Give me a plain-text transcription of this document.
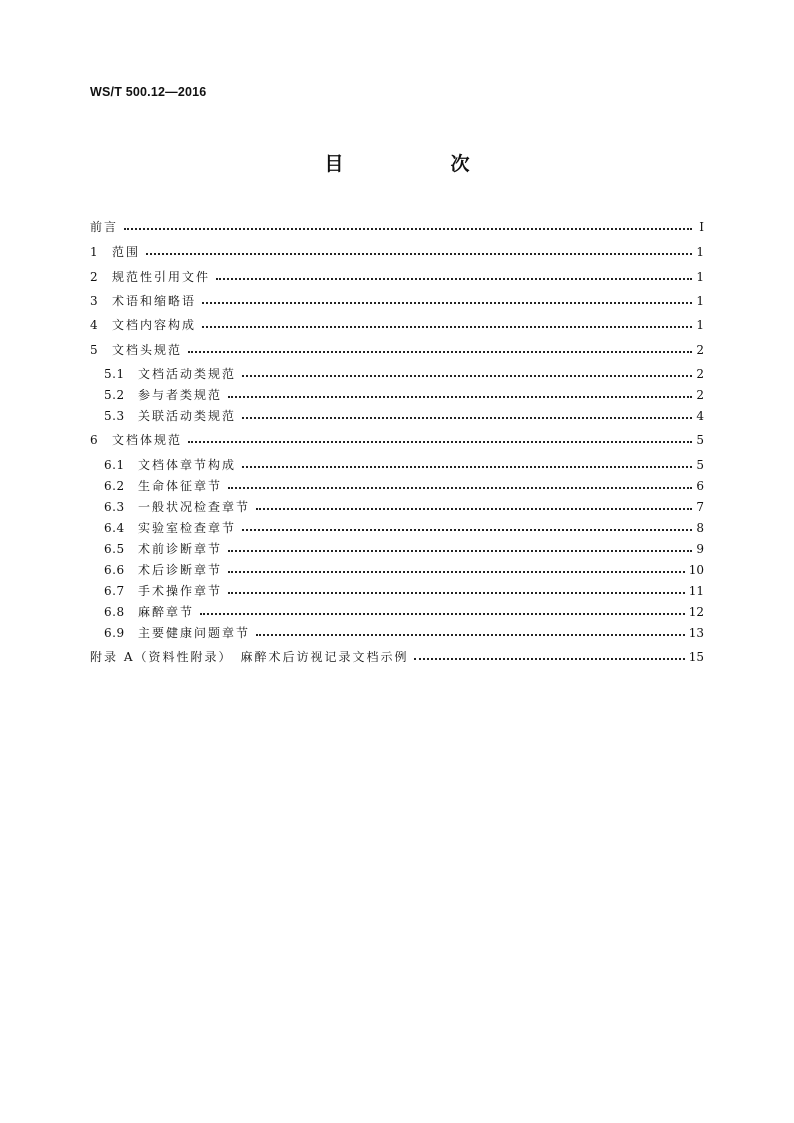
WS/T 500.12—2016
目　次
前言	Ⅰ
1	范围	1
2	规范性引用文件	1
3	术语和缩略语	1
4	文档内容构成	1
5	文档头规范	2
5.1	文档活动类规范	2
5.2	参与者类规范	2
5.3	关联活动类规范	4
6	文档体规范	5
6.1	文档体章节构成	5
6.2	生命体征章节	6
6.3	一般状况检查章节	7
6.4	实验室检查章节	8
6.5	术前诊断章节	9
6.6	术后诊断章节	10
6.7	手术操作章节	11
6.8	麻醉章节	12
6.9	主要健康问题章节	13
附录 A（资料性附录）　麻醉术后访视记录文档示例	15
